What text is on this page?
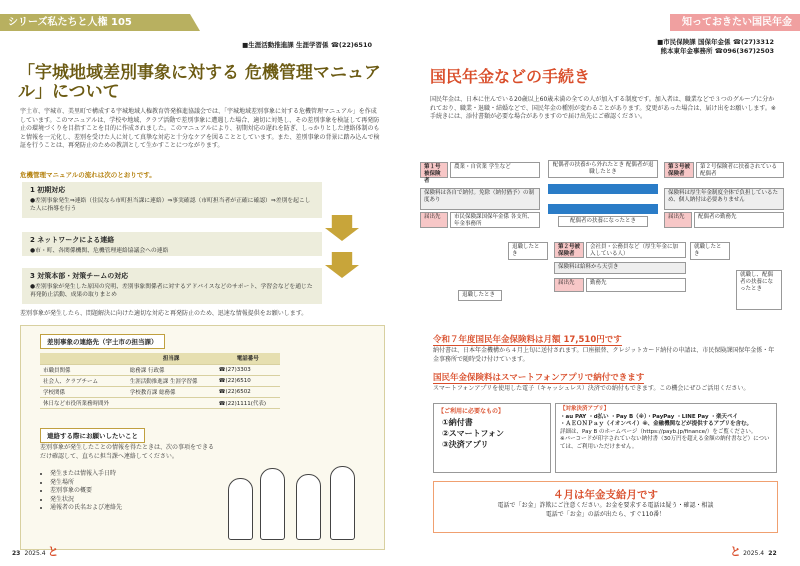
シリーズ私たちと人権 105
■生涯活動推進課 生涯学習係 ☎(22)6510
「宇城地域差別事象に対する 危機管理マニュアル」について
宇土市、宇城市、美里町で構成する宇城地域人権教育啓発推進協議会では、「宇城地域差別事象に対する危機管理マニュアル」を作成しています。このマニュアルは、学校や地域、クラブ活動で差別事象に遭遇した場合、適切に対処し、その差別事象を検証して再発防止の環境づくりを目指すことを目的に作成されました。このマニュアルにより、初期対応の遅れを防ぎ、しっかりとした連絡体制のもと情報を一元化し、差別を受けた人に対して真摯な対応と十分なケアを図ることとしています。また、差別事象の背景に踏み込んで検証を行うことは、再発防止のための教訓として生かすことにつながります。
危機管理マニュアルの流れは次のとおりです。
1 初期対応

●差別事象発生⇒連絡（住民なら市町担当課に連絡）⇒事実確認（市町担当者が正確に確認）⇒差別を起こした人に指導を行う

2 ネットワークによる連絡

●市・町、各関係機関、危機管理連絡協議会への連絡

3 対策本部・対策チームの対応

●差別事象が発生した原因の究明、差別事象関係者に対するアドバイスなどのサポート、学習会などを通じた再発防止活動、成果の取りまとめ

差別事象が発生したら、問題解決に向けた適切な対応と再発防止のため、迅速な情報提供をお願いします。
差別事象の連絡先（宇土市の担当課）
	担当課	電話番号
市職員関係	総務課 行政係	☎(27)3303
社会人、クラブチーム	生涯活動推進課 生涯学習係	☎(22)6510
学校関係	学校教育課 総務係	☎(22)6502
休日など市役所業務時間外		☎(22)1111(代表)
連絡する際にお願いしたいこと
差別事象が発生したことの情報を得たときは、次の事項をできるだけ確認して、直ちに担当課へ連絡してください。
• 発生または情報入手日時
• 発生場所
• 差別事象の概要
• 発生状況
• 通報者の氏名および連絡先
23 2025.4 と
知っておきたい国民年金
■市民保険課 国保年金係 ☎(27)3312
熊本東年金事務所 ☎096(367)2503
国民年金などの手続き
国民年金は、日本に住んでいる20歳以上60歳未満の全ての人が加入する制度です。加入者は、職業などで３つのグループに分かれており、職業・退職・結婚などで、国民年金の種別が変わることがあります。変更があった場合は、届け出をお願いします。※手続きには、添付書類が必要な場合がありますので届け出先にご確認ください。
配偶者の扶養から外れたとき 配偶者が退職したとき
配偶者の扶養になったとき
第１号被保険者
農業・自営業 学生など
保険料は各自で納付。免除（納付猶予）の制度あり
届出先	市民保険課国保年金係 各支所、年金事務所
第３号被保険者
第２号保険者に扶養されている配偶者
保険料は厚生年金制度全体で負担しているため、個人納付は必要ありません
届出先	配偶者の勤務先
第２号被保険者
会社員・公務員など（厚生年金に加入している人）
保険料は給料から天引き
届出先	勤務先
退職したとき
就職したとき
退職したとき
就職し、配偶者の扶養になったとき
令和７年度国民年金保険料は月額 17,510円です
納付書は、日本年金機構から４月上旬に送付されます。口座振替、クレジットカード納付の申請は、市民保険課国保年金係・年金事務所で随時受け付けています。
国民年金保険料はスマートフォンアプリで納付できます
スマートフォンアプリを使用した電子（キャッシュレス）決済での納付もできます。この機会にぜひご活用ください。
【ご利用に必要なもの】

①納付書

②スマートフォン

③決済アプリ

【対象決済アプリ】
・au PAY ・d払い ・Pay B（※）・PayPay ・LINE Pay ・楽天ペイ
・ＡＥＯＮＰａｙ（イオンペイ）※、金融機関などが提供するアプリを含む。
詳細は、Pay B のホームページ（https://payb.jp/finance/）をご覧ください。
※バーコードが印字されていない納付書（30万円を超える金額の納付書など）については、ご利用いただけません。
４月は年金支給月です

電話で「お金」詐欺にご注意ください。お金を要求する電話は疑う・確認・相談

電話で「お金」の話が出たら、すぐ110番！

と 2025.4 22
